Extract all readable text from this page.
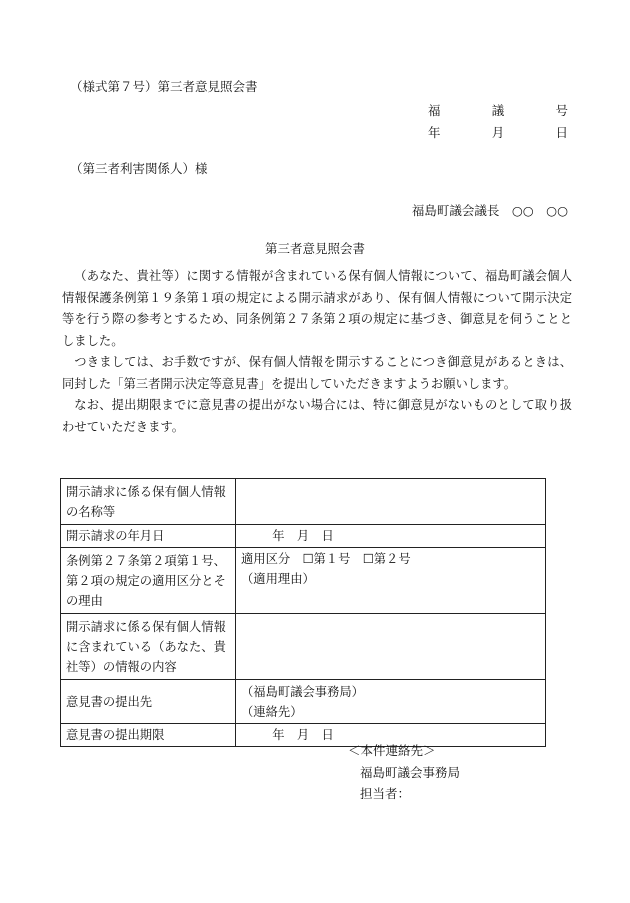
（様式第７号）第三者意見照会書
福	議	号
年	月	日
（第三者利害関係人）様
福島町議会議長　○○　○○
第三者意見照会書

（あなた、貴社等）に関する情報が含まれている保有個人情報について、福島町議会個人情報保護条例第１９条第１項の規定による開示請求があり、保有個人情報について開示決定等を行う際の参考とするため、同条例第２７条第２項の規定に基づき、御意見を伺うこととしました。

つきましては、お手数ですが、保有個人情報を開示することにつき御意見があるときは、同封した「第三者開示決定等意見書」を提出していただきますようお願いします。

なお、提出期限までに意見書の提出がない場合には、特に御意見がないものとして取り扱わせていただきます。

開示請求に係る保有個人情報の名称等	
開示請求の年月日	　年　月　日
条例第２７条第２項第１号、第２項の規定の適用区分とその理由	適用区分　☐第１号　☐第２号
（適用理由）

開示請求に係る保有個人情報に含まれている（あなた、貴社等）の情報の内容	
意見書の提出先	（福島町議会事務局）
（連絡先）

意見書の提出期限	　年　月　日
＜本件連絡先＞
福島町議会事務局
担当者：
